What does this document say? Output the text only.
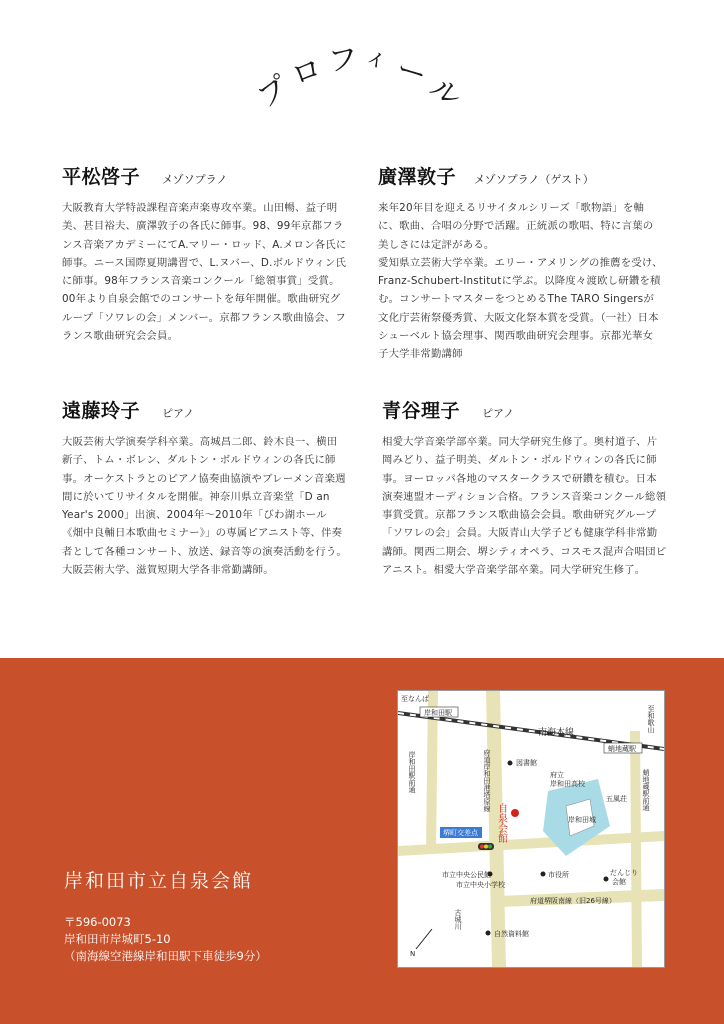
プ
ロ フ ィ ー
ル
平松啓子 メゾソプラノ

大阪教育大学特設課程音楽声楽専攻卒業。山田暢、益子明美、甚目裕夫、廣澤敦子の各氏に師事。98、99年京都フランス音楽アカデミーにてA.マリー・ロッド、A.メロン各氏に師事。ニース国際夏期講習で、L.ヌバー、D.ボルドウィン氏に師事。98年フランス音楽コンクール「総領事賞」受賞。00年より自泉会館でのコンサートを毎年開催。歌曲研究グループ「ソワレの会」メンバー。京都フランス歌曲協会、フランス歌曲研究会会員。

廣澤敦子 メゾソプラノ（ゲスト）

来年20年目を迎えるリサイタルシリーズ「歌物語」を軸に、歌曲、合唱の分野で活躍。正統派の歌唱、特に言葉の美しさには定評がある。
愛知県立芸術大学卒業。エリー・アメリングの推薦を受け、Franz-Schubert-Institutに学ぶ。以降度々渡欧し研鑽を積む。コンサートマスターをつとめるThe TARO Singersが文化庁芸術祭優秀賞、大阪文化祭本賞を受賞。（一社）日本シューベルト協会理事、関西歌曲研究会理事。京都光華女子大学非常勤講師

遠藤玲子 ピアノ

大阪芸術大学演奏学科卒業。高城昌二郎、鈴木良一、横田新子、トム・ボレン、ダルトン・ボルドウィンの各氏に師事。オーケストラとのピアノ協奏曲協演やブレーメン音楽週間に於いてリサイタルを開催。神奈川県立音楽堂「D an Year's 2000」出演、2004年〜2010年「びわ湖ホール《畑中良輔日本歌曲セミナー》」の専属ピアニスト等、伴奏者として各種コンサート、放送、録音等の演奏活動を行う。大阪芸術大学、滋賀短期大学各非常勤講師。

青谷理子 ピアノ

相愛大学音楽学部卒業。同大学研究生修了。奥村道子、片岡みどり、益子明美、ダルトン・ボルドウィンの各氏に師事。ヨーロッパ各地のマスタークラスで研鑽を積む。日本演奏連盟オーディション合格。フランス音楽コンクール総領事賞受賞。京都フランス歌曲協会会員。歌曲研究グループ「ソワレの会」会員。大阪青山大学子ども健康学科非常勤講師。関西二期会、堺シティオペラ、コスモス混声合唱団ピアニスト。相愛大学音楽学部卒業。同大学研究生修了。

岸和田市立自泉会館
〒596-0073
岸和田市岸城町5-10
（南海線空港線岸和田駅下車徒歩9分）
至なんば
岸和田駅
南海本線	至和歌山
蛸地蔵駅
図書館
府立
岸和田高校
五風荘
岸和田城
自泉会館
市役所
堺町交差点
市立中央公民館
市立中央小学校
だんじり
会館
府道堺阪南線（旧26号線）
古城川
自然資料館
岸和田駅前通	府道岸和田港塔原線	蛸地蔵駅前通
N
